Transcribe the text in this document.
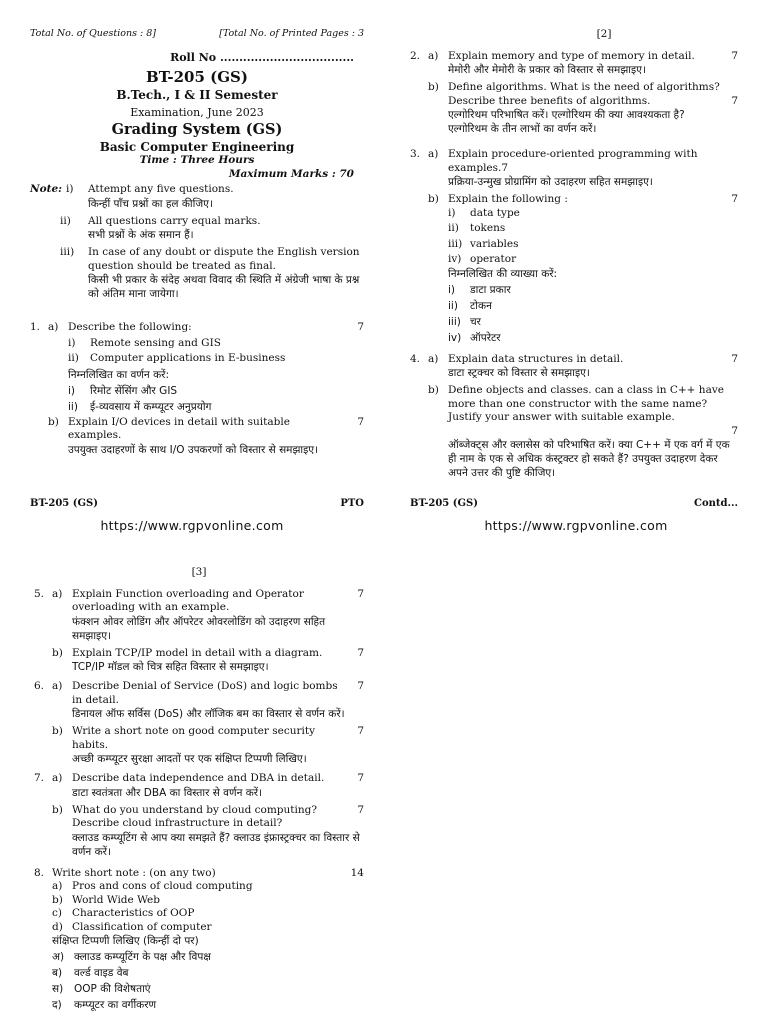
Total No. of Questions : 8]	[Total No. of Printed Pages : 3
Roll No ...................................
BT-205 (GS)
B.Tech., I & II Semester
Examination, June 2023
Grading System (GS)
Basic Computer Engineering
Time : Three Hours
Maximum Marks : 70
Note: i)	Attempt any five questions.
किन्हीं पाँच प्रश्नों का हल कीजिए।
ii)	All questions carry equal marks.
सभी प्रश्नों के अंक समान हैं।
iii)	In case of any doubt or dispute the English version question should be treated as final.
किसी भी प्रकार के संदेह अथवा विवाद की स्थिति में अंग्रेजी भाषा के प्रश्न को अंतिम माना जायेगा।
1. a) Describe the following:	7
i)	Remote sensing and GIS
ii)	Computer applications in E-business
निम्नलिखित का वर्णन करें:
i)	रिमोट सेंसिंग और GIS
ii)	ई-व्यवसाय में कम्प्यूटर अनुप्रयोग
b) Explain I/O devices in detail with suitable examples.
7
उपयुक्त उदाहरणों के साथ I/O उपकरणों को विस्तार से समझाइए।
BT-205 (GS)	PTO
https://www.rgpvonline.com
[2]
2. a) Explain memory and type of memory in detail.	7
मेमोरी और मेमोरी के प्रकार को विस्तार से समझाइए।
b) Define algorithms. What is the need of algorithms?
Describe three benefits of algorithms.	7
एल्गोरिथम परिभाषित करें। एल्गोरिथम की क्या आवश्यकता है?
एल्गोरिथम के तीन लाभों का वर्णन करें।
3. a) Explain procedure-oriented programming with examples.7
प्रक्रिया-उन्मुख प्रोग्रामिंग को उदाहरण सहित समझाइए।
b) Explain the following :	7
i)	data type
ii)	tokens
iii) variables
iv) operator
निम्नलिखित की व्याख्या करें:
i)	डाटा प्रकार
ii)	टोकन
iii) चर
iv) ऑपरेटर
4. a) Explain data structures in detail.	7
डाटा स्ट्रक्चर को विस्तार से समझाइए।
b) Define objects and classes. can a class in C++ have more than one constructor with the same name? Justify your answer with suitable example.
7
ऑब्जेक्ट्स और क्लासेस को परिभाषित करें। क्या C++ में एक वर्ग में एक ही नाम के एक से अधिक कंस्ट्रक्टर हो सकते हैं? उपयुक्त उदाहरण देकर अपने उत्तर की पुष्टि कीजिए।
BT-205 (GS)	Contd...
https://www.rgpvonline.com
[3]
5. a) Explain Function overloading and Operator overloading with an example.
7
फंक्शन ओवर लोडिंग और ऑपरेटर ओवरलोडिंग को उदाहरण सहित समझाइए।
b) Explain TCP/IP model in detail with a diagram.	7
TCP/IP मॉडल को चित्र सहित विस्तार से समझाइए।
6. a) Describe Denial of Service (DoS) and logic bombs in detail.
7
डिनायल ऑफ सर्विस (DoS) और लॉजिक बम का विस्तार से वर्णन करें।
b) Write a short note on good computer security habits.
7
अच्छी कम्प्यूटर सुरक्षा आदतों पर एक संक्षिप्त टिप्पणी लिखिए।
7. a) Describe data independence and DBA in detail.	7
डाटा स्वतंत्रता और DBA का विस्तार से वर्णन करें।
b) What do you understand by cloud computing? Describe cloud infrastructure in detail?
7
क्लाउड कम्प्यूटिंग से आप क्या समझते हैं? क्लाउड इंफ्रास्ट्रक्चर का विस्तार से वर्णन करें।
8. Write short note : (on any two)	14
a) Pros and cons of cloud computing
b) World Wide Web
c) Characteristics of OOP
d) Classification of computer
संक्षिप्त टिप्पणी लिखिए (किन्हीं दो पर)
अ) क्लाउड कम्प्यूटिंग के पक्ष और विपक्ष
ब)	वर्ल्ड वाइड वेब
स)	OOP की विशेषताएं
द)	कम्प्यूटर का वर्गीकरण
